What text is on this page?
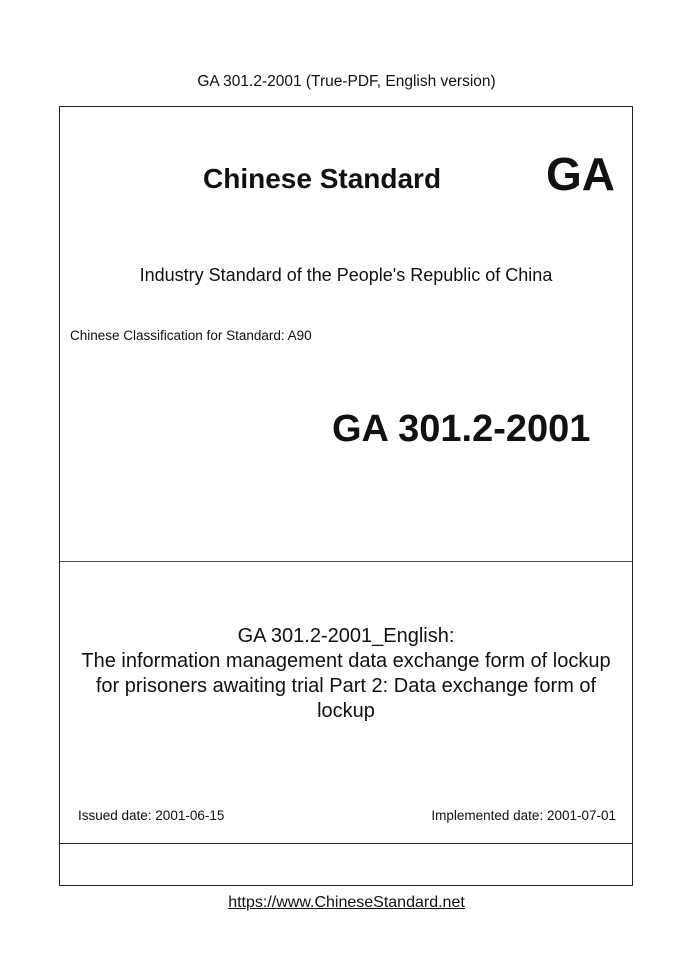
GA 301.2-2001 (True-PDF, English version)
Chinese Standard GA
Industry Standard of the People's Republic of China
Chinese Classification for Standard: A90
GA 301.2-2001
GA 301.2-2001_English:
The information management data exchange form of lockup
for prisoners awaiting trial Part 2: Data exchange form of
lockup
Issued date: 2001-06-15	Implemented date: 2001-07-01
https://www.ChineseStandard.net
